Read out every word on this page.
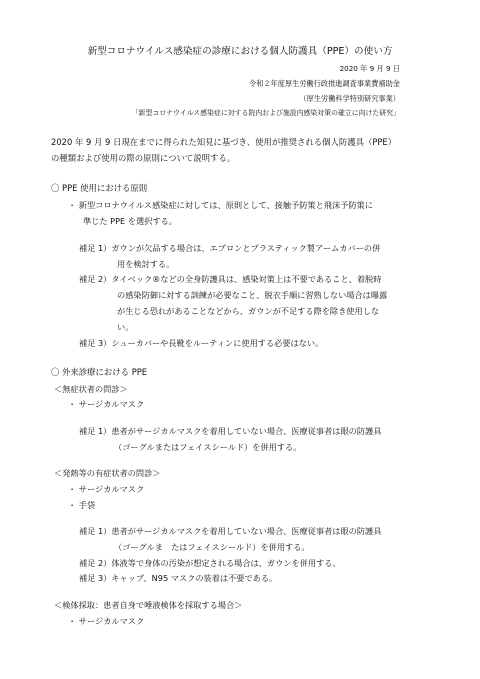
新型コロナウイルス感染症の診療における個人防護具（PPE）の使い方
2020 年 9 月 9 日
令和２年度厚生労働行政推進調査事業費補助金
（厚生労働科学特別研究事業）
「新型コロナウイルス感染症に対する院内および施設内感染対策の確立に向けた研究」
2020 年 9 月 9 日現在までに得られた知見に基づき、使用が推奨される個人防護具（PPE）
の種類および使用の際の原則について説明する。
〇 PPE 使用における原則
・ 新型コロナウイルス感染症に対しては、原則として、接触予防策と飛沫予防策に
準じた PPE を選択する。
補足 1）ガウンが欠品する場合は、エプロンとプラスティック製アームカバーの併
用を検討する。
補足 2）タイベック®などの全身防護具は、感染対策上は不要であること、着脱時
の感染防御に対する訓練が必要なこと、脱衣手順に習熟しない場合は曝露
が生じる恐れがあることなどから、ガウンが不足する際を除き使用しな
い。
補足 3）シューカバーや長靴をルーティンに使用する必要はない。
〇 外来診療における PPE
＜無症状者の問診＞
・ サージカルマスク
補足 1）患者がサージカルマスクを着用していない場合、医療従事者は眼の防護具
（ゴーグルまたはフェイスシールド）を併用する。
＜発熱等の有症状者の問診＞
・ サージカルマスク
・ 手袋
補足 1）患者がサージカルマスクを着用していない場合、医療従事者は眼の防護具
（ゴーグルま　たはフェイスシールド）を併用する。
補足 2）体液等で身体の汚染が想定される場合は、ガウンを併用する。
補足 3）キャップ、N95 マスクの装着は不要である。
＜検体採取：患者自身で唾液検体を採取する場合＞
・ サージカルマスク
